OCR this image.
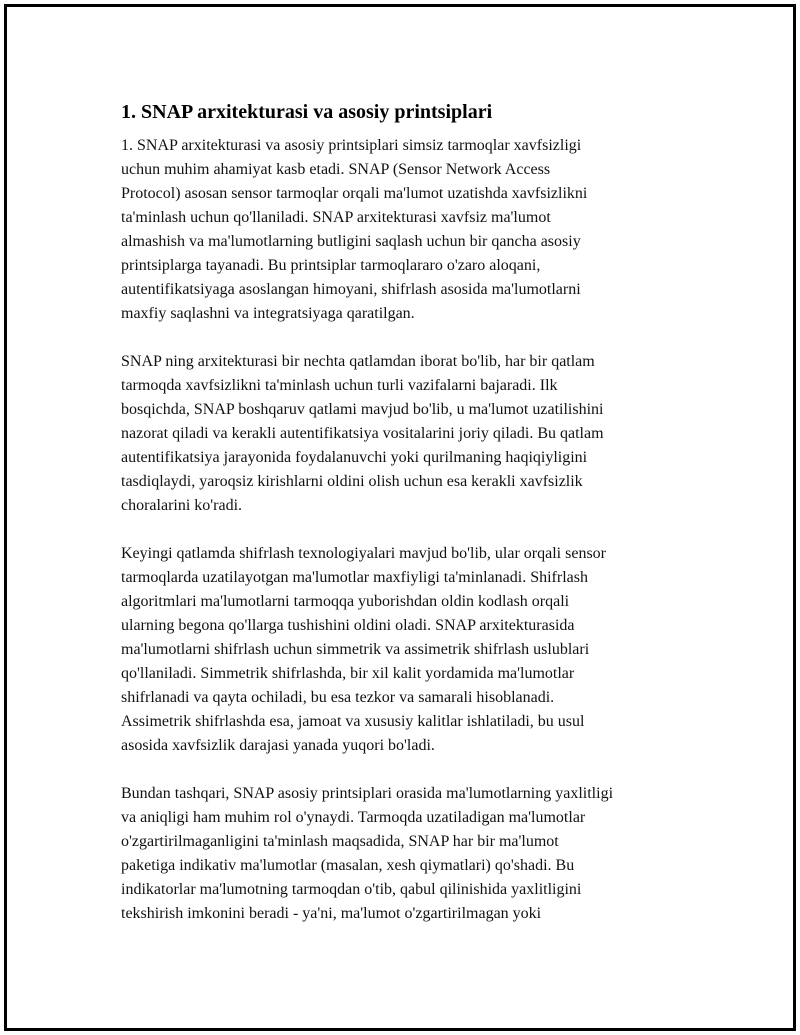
1. SNAP arxitekturasi va asosiy printsiplari

1. SNAP arxitekturasi va asosiy printsiplari simsiz tarmoqlar xavfsizligi
uchun muhim ahamiyat kasb etadi. SNAP (Sensor Network Access
Protocol) asosan sensor tarmoqlar orqali ma'lumot uzatishda xavfsizlikni
ta'minlash uchun qo'llaniladi. SNAP arxitekturasi xavfsiz ma'lumot
almashish va ma'lumotlarning butligini saqlash uchun bir qancha asosiy
printsiplarga tayanadi. Bu printsiplar tarmoqlararo o'zaro aloqani,
autentifikatsiyaga asoslangan himoyani, shifrlash asosida ma'lumotlarni
maxfiy saqlashni va integratsiyaga qaratilgan.

SNAP ning arxitekturasi bir nechta qatlamdan iborat bo'lib, har bir qatlam
tarmoqda xavfsizlikni ta'minlash uchun turli vazifalarni bajaradi. Ilk
bosqichda, SNAP boshqaruv qatlami mavjud bo'lib, u ma'lumot uzatilishini
nazorat qiladi va kerakli autentifikatsiya vositalarini joriy qiladi. Bu qatlam
autentifikatsiya jarayonida foydalanuvchi yoki qurilmaning haqiqiyligini
tasdiqlaydi, yaroqsiz kirishlarni oldini olish uchun esa kerakli xavfsizlik
choralarini ko'radi.

Keyingi qatlamda shifrlash texnologiyalari mavjud bo'lib, ular orqali sensor
tarmoqlarda uzatilayotgan ma'lumotlar maxfiyligi ta'minlanadi. Shifrlash
algoritmlari ma'lumotlarni tarmoqqa yuborishdan oldin kodlash orqali
ularning begona qo'llarga tushishini oldini oladi. SNAP arxitekturasida
ma'lumotlarni shifrlash uchun simmetrik va assimetrik shifrlash uslublari
qo'llaniladi. Simmetrik shifrlashda, bir xil kalit yordamida ma'lumotlar
shifrlanadi va qayta ochiladi, bu esa tezkor va samarali hisoblanadi.
Assimetrik shifrlashda esa, jamoat va xususiy kalitlar ishlatiladi, bu usul
asosida xavfsizlik darajasi yanada yuqori bo'ladi.

Bundan tashqari, SNAP asosiy printsiplari orasida ma'lumotlarning yaxlitligi
va aniqligi ham muhim rol o'ynaydi. Tarmoqda uzatiladigan ma'lumotlar
o'zgartirilmaganligini ta'minlash maqsadida, SNAP har bir ma'lumot
paketiga indikativ ma'lumotlar (masalan, xesh qiymatlari) qo'shadi. Bu
indikatorlar ma'lumotning tarmoqdan o'tib, qabul qilinishida yaxlitligini
tekshirish imkonini beradi - ya'ni, ma'lumot o'zgartirilmagan yoki
